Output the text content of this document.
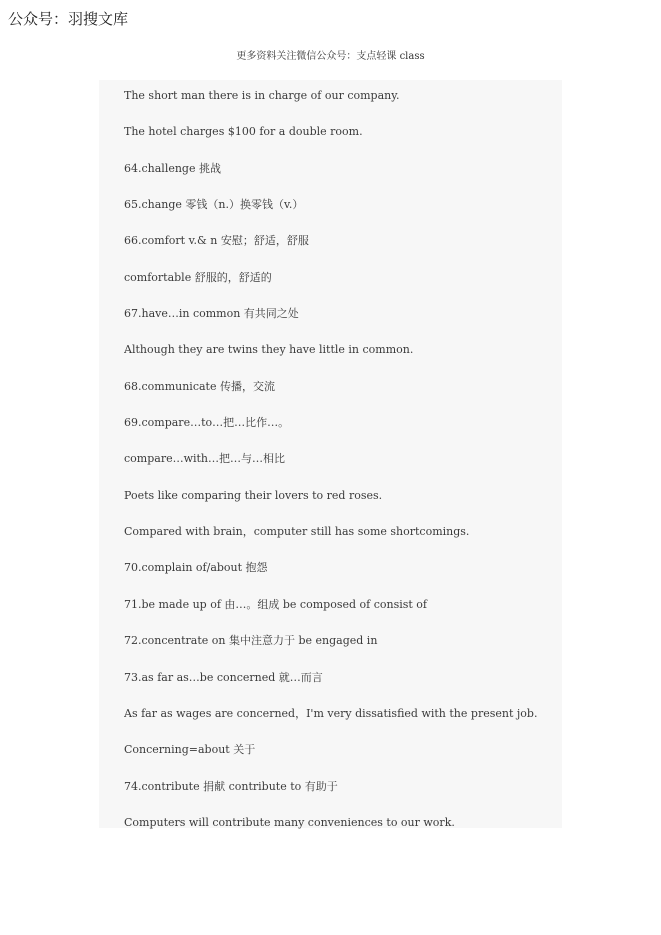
公众号：羽搜文库
更多资料关注微信公众号：支点轻课 class
The short man there is in charge of our company.
The hotel charges $100 for a double room.
64.challenge 挑战
65.change 零钱（n.）换零钱（v.）
66.comfort v.& n 安慰；舒适，舒服
comfortable 舒服的，舒适的
67.have…in common 有共同之处
Although they are twins they have little in common.
68.communicate 传播，交流
69.compare…to…把…比作…。
compare…with…把…与…相比
Poets like comparing their lovers to red roses.
Compared with brain，computer still has some shortcomings.
70.complain of/about 抱怨
71.be made up of 由…。组成 be composed of consist of
72.concentrate on 集中注意力于 be engaged in
73.as far as…be concerned 就…而言
As far as wages are concerned，I'm very dissatisfied with the present job.
Concerning=about 关于
74.contribute 捐献 contribute to 有助于
Computers will contribute many conveniences to our work.
